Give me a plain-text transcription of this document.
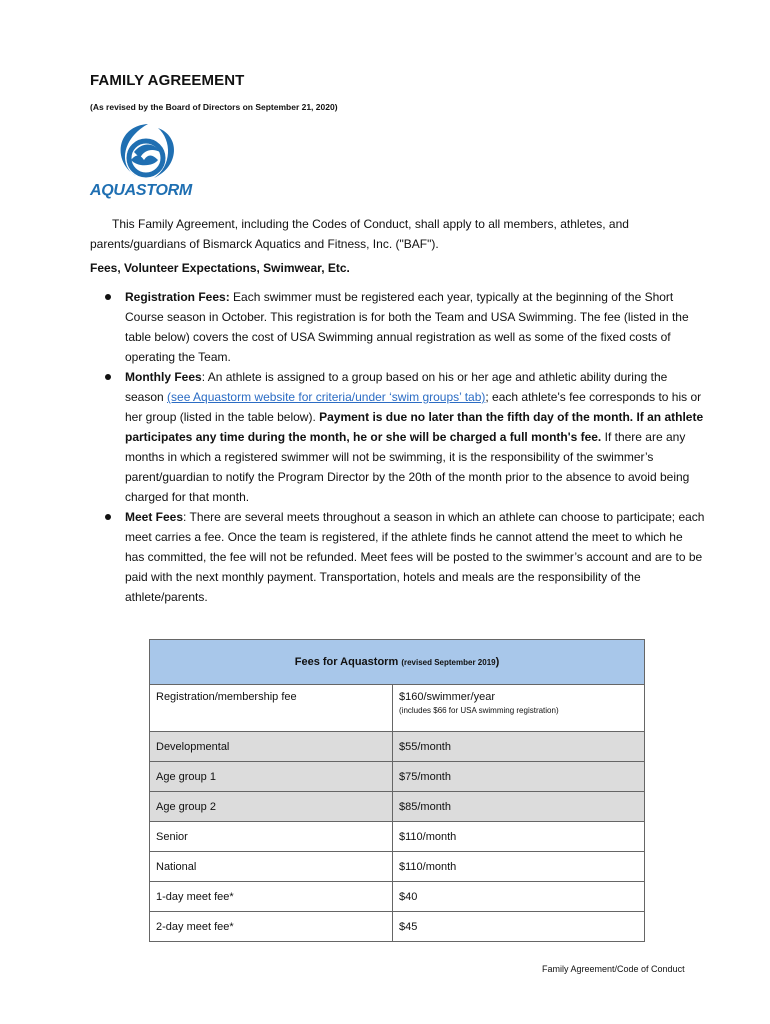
FAMILY AGREEMENT
(As revised by the Board of Directors on September 21, 2020)
AQUASTORM
This Family Agreement, including the Codes of Conduct, shall apply to all members, athletes, and parents/guardians of Bismarck Aquatics and Fitness, Inc. ("BAF").
Fees, Volunteer Expectations, Swimwear, Etc.
Registration Fees: Each swimmer must be registered each year, typically at the beginning of the Short Course season in October. This registration is for both the Team and USA Swimming. The fee (listed in the table below) covers the cost of USA Swimming annual registration as well as some of the fixed costs of operating the Team.
Monthly Fees: An athlete is assigned to a group based on his or her age and athletic ability during the season (see Aquastorm website for criteria/under ‘swim groups’ tab); each athlete's fee corresponds to his or her group (listed in the table below). Payment is due no later than the fifth day of the month. If an athlete participates any time during the month, he or she will be charged a full month's fee. If there are any months in which a registered swimmer will not be swimming, it is the responsibility of the swimmer’s parent/guardian to notify the Program Director by the 20th of the month prior to the absence to avoid being charged for that month.
Meet Fees: There are several meets throughout a season in which an athlete can choose to participate; each meet carries a fee. Once the team is registered, if the athlete finds he cannot attend the meet to which he has committed, the fee will not be refunded. Meet fees will be posted to the swimmer’s account and are to be paid with the next monthly payment. Transportation, hotels and meals are the responsibility of the athlete/parents.
Fees for Aquastorm (revised September 2019)	
Registration/membership fee	$160/swimmer/year
(includes $66 for USA swimming registration)

Developmental	$55/month
Age group 1	$75/month
Age group 2	$85/month
Senior	$110/month
National	$110/month
1-day meet fee*	$40
2-day meet fee*	$45
Family Agreement/Code of Conduct
